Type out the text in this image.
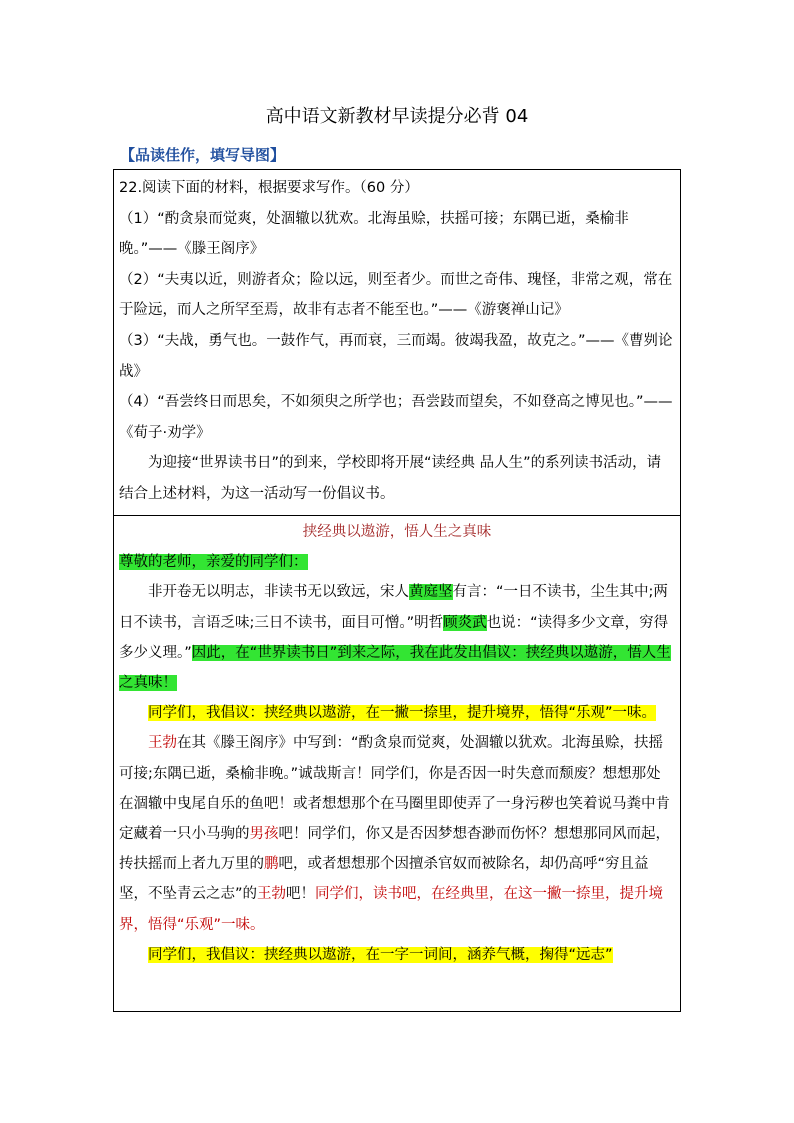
高中语文新教材早读提分必背 04
【品读佳作，填写导图】

22.阅读下面的材料，根据要求写作。（60 分）

（1）“酌贪泉而觉爽，处涸辙以犹欢。北海虽赊，扶摇可接；东隅已逝，桑榆非晚。”——《滕王阁序》

（2）“夫夷以近，则游者众；险以远，则至者少。而世之奇伟、瑰怪，非常之观，常在于险远，而人之所罕至焉，故非有志者不能至也。”——《游褒禅山记》

（3）“夫战，勇气也。一鼓作气，再而衰，三而竭。彼竭我盈，故克之。”——《曹刿论战》

（4）“吾尝终日而思矣，不如须臾之所学也；吾尝跂而望矣，不如登高之博见也。”——《荀子·劝学》

为迎接“世界读书日”的到来，学校即将开展“读经典 品人生”的系列读书活动，请结合上述材料，为这一活动写一份倡议书。

挟经典以遨游，悟人生之真味

尊敬的老师，亲爱的同学们：

非开卷无以明志，非读书无以致远，宋人黄庭坚有言：“一日不读书，尘生其中;两日不读书，言语乏味;三日不读书，面目可憎。”明哲顾炎武也说：“读得多少文章，穷得多少义理。”因此，在“世界读书日”到来之际，我在此发出倡议：挟经典以遨游，悟人生之真味！

同学们，我倡议：挟经典以遨游，在一撇一捺里，提升境界，悟得“乐观”一味。

王勃在其《滕王阁序》中写到：“酌贪泉而觉爽，处涸辙以犹欢。北海虽赊，扶摇可接;东隅已逝，桑榆非晚。”诚哉斯言！同学们，你是否因一时失意而颓废？想想那处在涸辙中曳尾自乐的鱼吧！或者想想那个在马圈里即使弄了一身污秽也笑着说马粪中肯定藏着一只小马驹的男孩吧！同学们，你又是否因梦想杳渺而伤怀？想想那同风而起，抟扶摇而上者九万里的鹏吧，或者想想那个因擅杀官奴而被除名，却仍高呼“穷且益坚，不坠青云之志”的王勃吧！同学们，读书吧，在经典里，在这一撇一捺里，提升境界，悟得“乐观”一味。

同学们，我倡议：挟经典以遨游，在一字一词间，涵养气概，掬得“远志”
